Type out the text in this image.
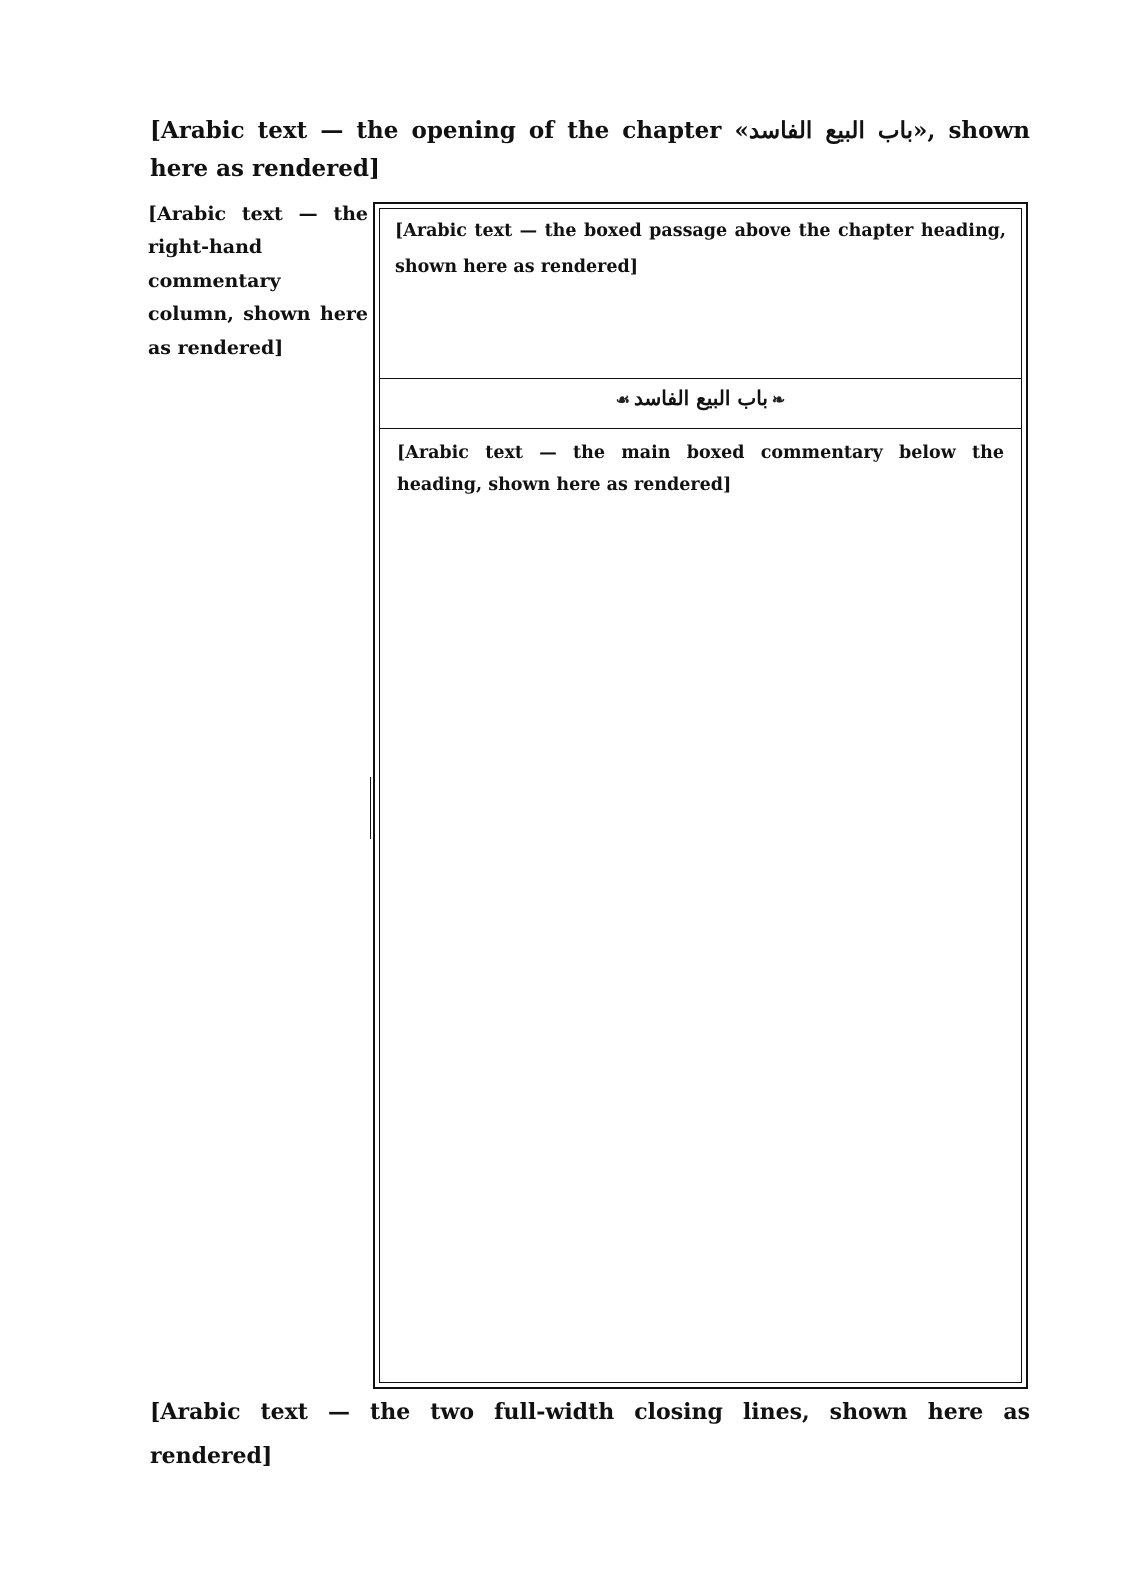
[Arabic text — the opening of the chapter «باب البيع الفاسد», shown here as rendered]
[Arabic text — the right-hand commentary column, shown here as rendered]
[Arabic text — the boxed passage above the chapter heading, shown here as rendered]
❧باب البيع الفاسد☙
[Arabic text — the main boxed commentary below the heading, shown here as rendered]
[Arabic text — the two full-width closing lines, shown here as rendered]
